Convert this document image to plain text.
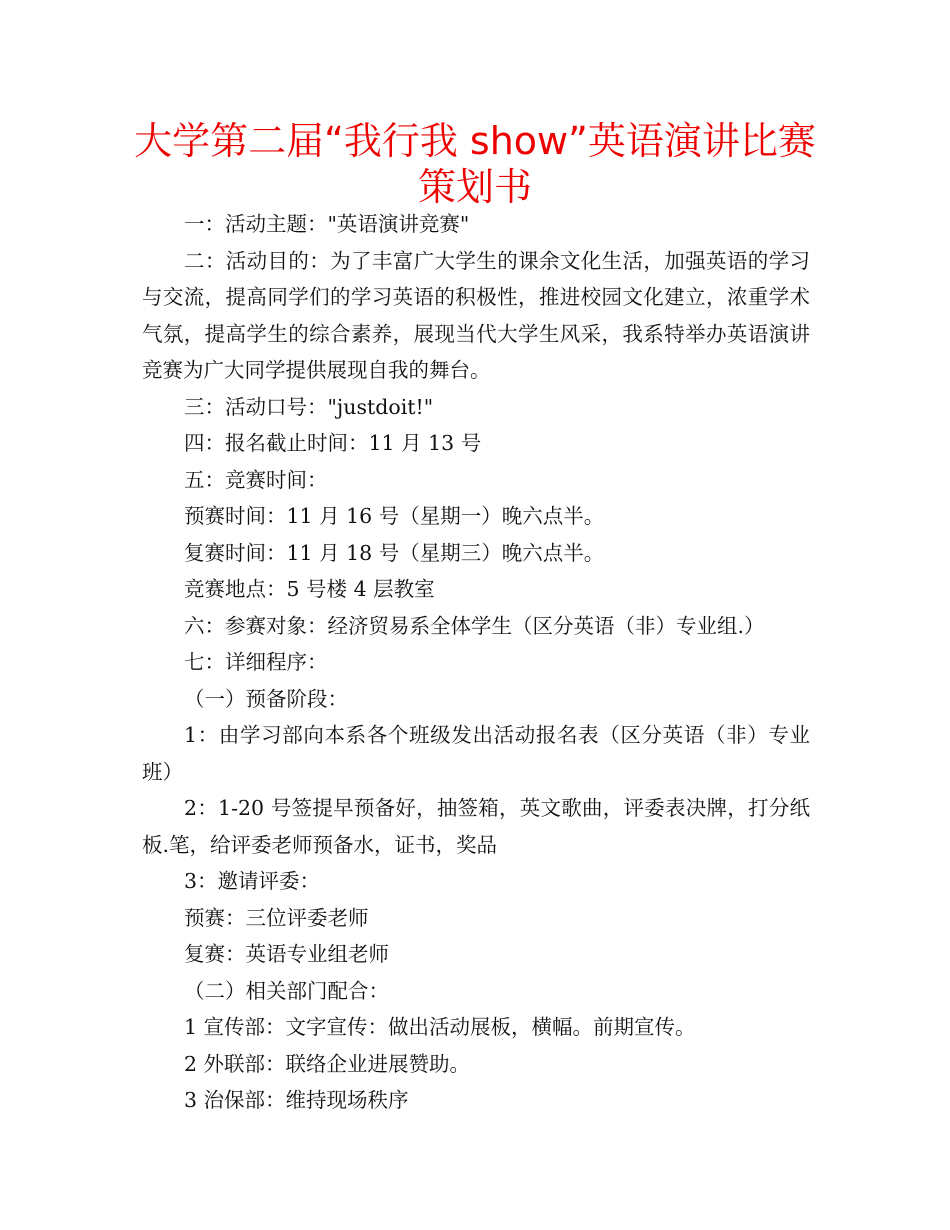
大学第二届“我行我 show”英语演讲比赛策划书

一：活动主题："英语演讲竞赛"

二：活动目的：为了丰富广大学生的课余文化生活，加强英语的学习与交流，提高同学们的学习英语的积极性，推进校园文化建立，浓重学术气氛，提高学生的综合素养，展现当代大学生风采，我系特举办英语演讲竞赛为广大同学提供展现自我的舞台。

三：活动口号："justdoit!"

四：报名截止时间：11 月 13 号

五：竞赛时间：

预赛时间：11 月 16 号（星期一）晚六点半。

复赛时间：11 月 18 号（星期三）晚六点半。

竞赛地点：5 号楼 4 层教室

六：参赛对象：经济贸易系全体学生（区分英语（非）专业组.）

七：详细程序：

（一）预备阶段：

1：由学习部向本系各个班级发出活动报名表（区分英语（非）专业班）

2：1-20 号签提早预备好，抽签箱，英文歌曲，评委表决牌，打分纸板.笔，给评委老师预备水，证书，奖品

3：邀请评委：

预赛：三位评委老师

复赛：英语专业组老师

（二）相关部门配合：

1 宣传部：文字宣传：做出活动展板，横幅。前期宣传。

2 外联部：联络企业进展赞助。

3 治保部：维持现场秩序
